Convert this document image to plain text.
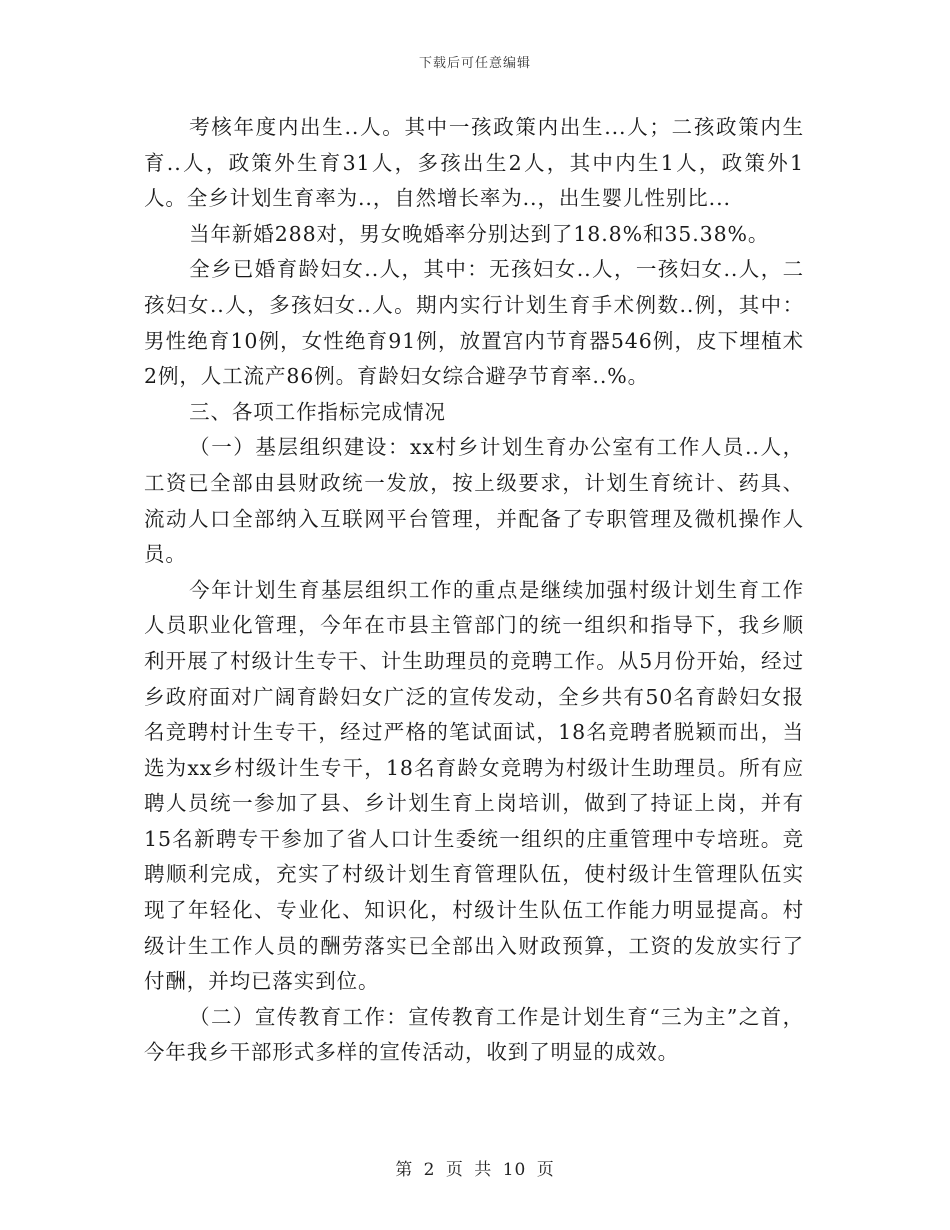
下载后可任意编辑

考核年度内出生..人。其中一孩政策内出生...人；二孩政策内生育..人，政策外生育31人，多孩出生2人，其中内生1人，政策外1人。全乡计划生育率为..，自然增长率为..，出生婴儿性别比...

当年新婚288对，男女晚婚率分别达到了18.8%和35.38%。

全乡已婚育龄妇女..人，其中：无孩妇女..人，一孩妇女..人，二孩妇女..人，多孩妇女..人。期内实行计划生育手术例数..例，其中：男性绝育10例，女性绝育91例，放置宫内节育器546例，皮下埋植术2例，人工流产86例。育龄妇女综合避孕节育率..%。

三、各项工作指标完成情况

（一）基层组织建设：xx村乡计划生育办公室有工作人员..人，工资已全部由县财政统一发放，按上级要求，计划生育统计、药具、流动人口全部纳入互联网平台管理，并配备了专职管理及微机操作人员。

今年计划生育基层组织工作的重点是继续加强村级计划生育工作人员职业化管理，今年在市县主管部门的统一组织和指导下，我乡顺利开展了村级计生专干、计生助理员的竞聘工作。从5月份开始，经过乡政府面对广阔育龄妇女广泛的宣传发动，全乡共有50名育龄妇女报名竞聘村计生专干，经过严格的笔试面试，18名竞聘者脱颖而出，当选为xx乡村级计生专干，18名育龄女竞聘为村级计生助理员。所有应聘人员统一参加了县、乡计划生育上岗培训，做到了持证上岗，并有15名新聘专干参加了省人口计生委统一组织的庄重管理中专培班。竞聘顺利完成，充实了村级计划生育管理队伍，使村级计生管理队伍实现了年轻化、专业化、知识化，村级计生队伍工作能力明显提高。村级计生工作人员的酬劳落实已全部出入财政预算，工资的发放实行了付酬，并均已落实到位。

（二）宣传教育工作：宣传教育工作是计划生育“三为主”之首，今年我乡干部形式多样的宣传活动，收到了明显的成效。

第 2 页 共 10 页
